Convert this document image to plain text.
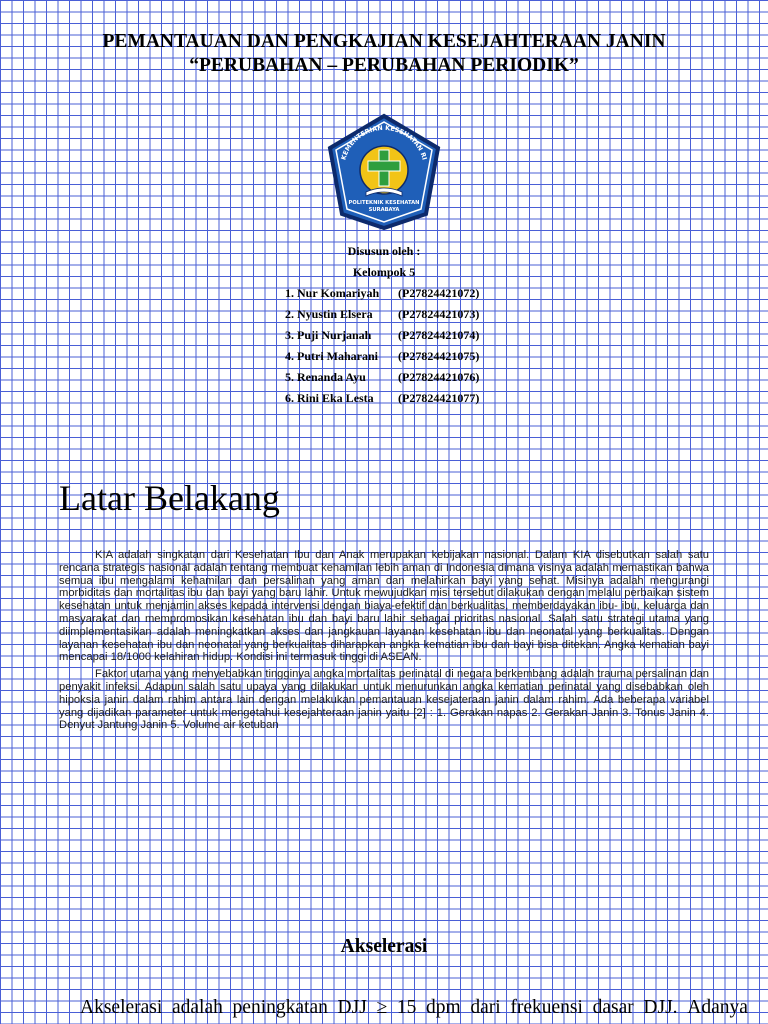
PEMANTAUAN DAN PENGKAJIAN KESEJAHTERAAN JANIN
“PERUBAHAN – PERUBAHAN PERIODIK”
KEMENTERIAN KESEHATAN RI
POLITEKNIK KESEHATAN
SURABAYA
Disusun oleh :
Kelompok 5
1. Nur Komariyah (P27824421072)
2. Nyustin Elsera (P27824421073)
3. Puji Nurjanah (P27824421074)
4. Putri Maharani (P27824421075)
5. Renanda Ayu	(P27824421076)
6. Rini Eka Lesta (P27824421077)
Latar Belakang

KIA adalah singkatan dari Kesehatan Ibu dan Anak merupakan kebijakan nasional. Dalam KIA disebutkan salah satu rencana strategis nasional adalah tentang membuat kehamilan lebih aman di Indonesia dimana visinya adalah memastikan bahwa semua ibu mengalami kehamilan dan persalinan yang aman dan melahirkan bayi yang sehat. Misinya adalah mengurangi morbiditas dan mortalitas ibu dan bayi yang baru lahir. Untuk mewujudkan misi tersebut dilakukan dengan melalu perbaikan sistem kesehatan untuk menjamin akses kepada intervensi dengan biaya-efektif dan berkualitas, memberdayakan ibu- ibu, keluarga dan masyarakat dan mempromosikan kesehatan ibu dan bayi baru lahir sebagai prioritas nasional. Salah satu strategi utama yang diimplementasikan adalah meningkatkan akses dan jangkauan layanan kesehatan ibu dan neonatal yang berkualitas. Dengan layanan kesehatan ibu dan neonatal yang berkualitas diharapkan angka kematian ibu dan bayi bisa ditekan. Angka kematian bayi mencapai 18/1000 kelahiran hidup. Kondisi ini termasuk tinggi di ASEAN.

Faktor utama yang menyebabkan tingginya angka mortalitas perinatal di negara berkembang adalah trauma persalinan dan penyakit infeksi. Adapun salah satu upaya yang dilakukan untuk menurunkan angka kematian perinatal yang disebabkan oleh hipoksia janin dalam rahim antara lain dengan melakukan pemantauan kesejateraan janin dalam rahim. Ada beberapa variabel yang dijadikan parameter untuk mengetahui kesejahteraan janin yaitu [2] : 1. Gerakan napas 2. Gerakan Janin 3. Tonus Janin 4. Denyut Jantung Janin 5. Volume air ketuban

Akselerasi
Akselerasi adalah peningkatan DJJ ≥ 15 dpm dari frekuensi dasar DJJ. Adanya
